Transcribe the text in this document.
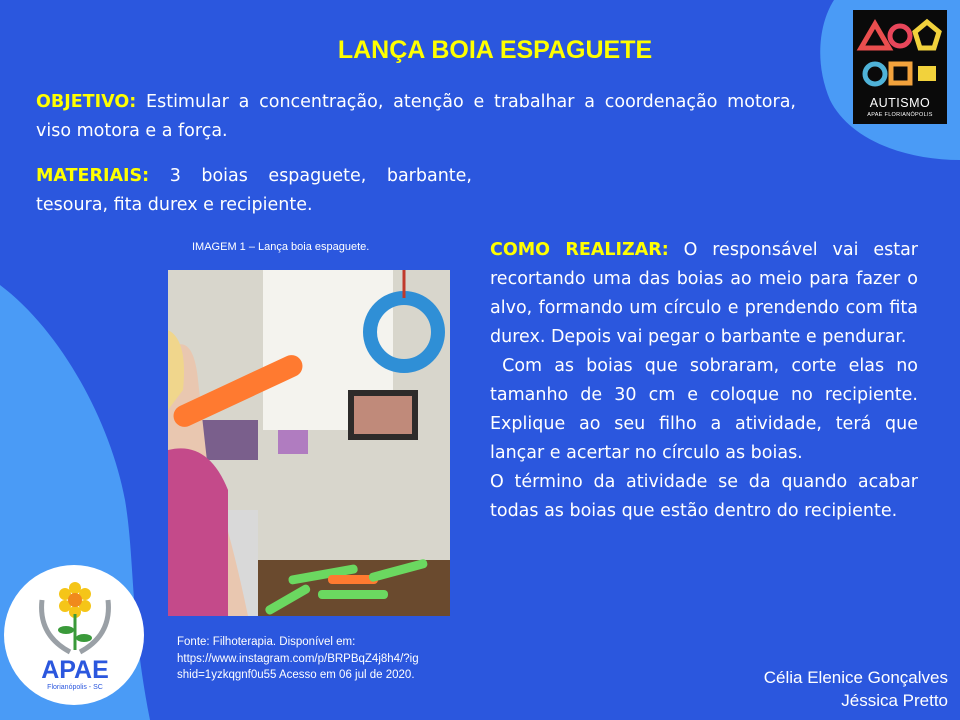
LANÇA BOIA ESPAGUETE

OBJETIVO: Estimular a concentração, atenção e trabalhar a coordenação motora, viso motora e a força.

MATERIAIS: 3 boias espaguete, barbante, tesoura, fita durex e recipiente.

IMAGEM 1 – Lança boia espaguete.
Fonte: Filhoterapia. Disponível em:
https://www.instagram.com/p/BRPBqZ4j8h4/?ig
shid=1yzkqgnf0u55 Acesso em 06 jul de 2020.

COMO REALIZAR: O responsável vai estar recortando uma das boias ao meio para fazer o alvo, formando um círculo e prendendo com fita durex. Depois vai pegar o barbante e pendurar.

Com as boias que sobraram, corte elas no tamanho de 30 cm e coloque no recipiente. Explique ao seu filho a atividade, terá que lançar e acertar no círculo as boias.

O término da atividade se da quando acabar todas as boias que estão dentro do recipiente.

Célia Elenice Gonçalves
Jéssica Pretto
AUTISMO
APAE FLORIANÓPOLIS
APAE
Florianópolis - SC
